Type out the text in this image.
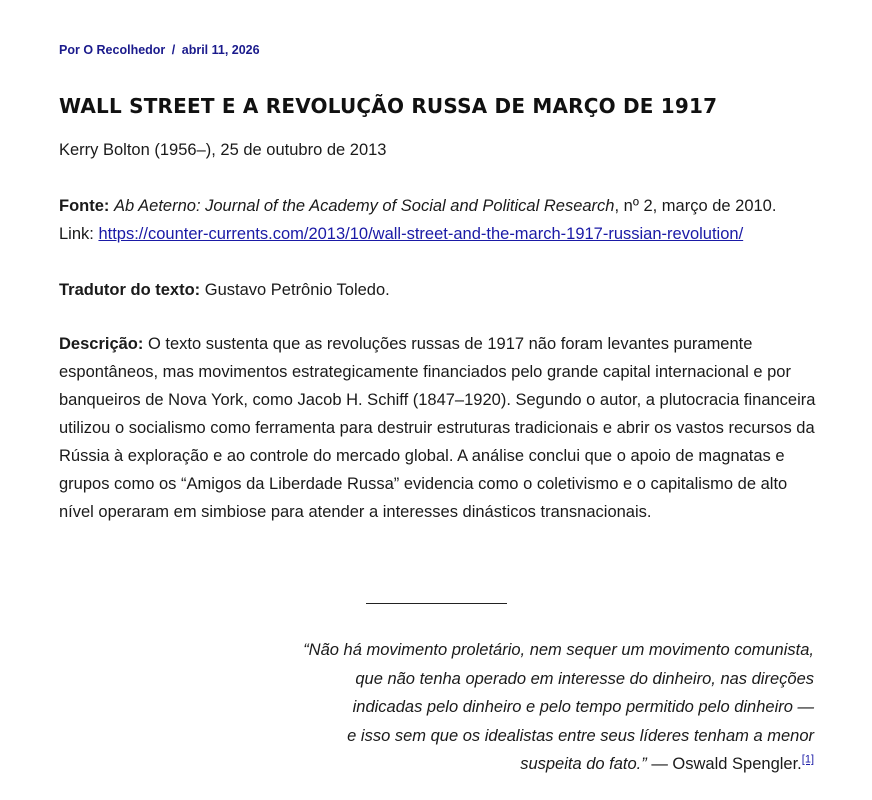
Por O Recolhedor / abril 11, 2026
WALL STREET E A REVOLUÇÃO RUSSA DE MARÇO DE 1917

Kerry Bolton (1956–), 25 de outubro de 2013

Fonte: Ab Aeterno: Journal of the Academy of Social and Political Research, nº 2, março de 2010.
Link: https://counter-currents.com/2013/10/wall-street-and-the-march-1917-russian-revolution/

Tradutor do texto: Gustavo Petrônio Toledo.

Descrição: O texto sustenta que as revoluções russas de 1917 não foram levantes puramente espontâneos, mas movimentos estrategicamente financiados pelo grande capital internacional e por banqueiros de Nova York, como Jacob H. Schiff (1847–1920). Segundo o autor, a plutocracia financeira utilizou o socialismo como ferramenta para destruir estruturas tradicionais e abrir os vastos recursos da Rússia à exploração e ao controle do mercado global. A análise conclui que o apoio de magnatas e grupos como os “Amigos da Liberdade Russa” evidencia como o coletivismo e o capitalismo de alto nível operaram em simbiose para atender a interesses dinásticos transnacionais.

“Não há movimento proletário, nem sequer um movimento comunista,
que não tenha operado em interesse do dinheiro, nas direções
indicadas pelo dinheiro e pelo tempo permitido pelo dinheiro —
e isso sem que os idealistas entre seus líderes tenham a menor
suspeita do fato.” — Oswald Spengler.[1]
